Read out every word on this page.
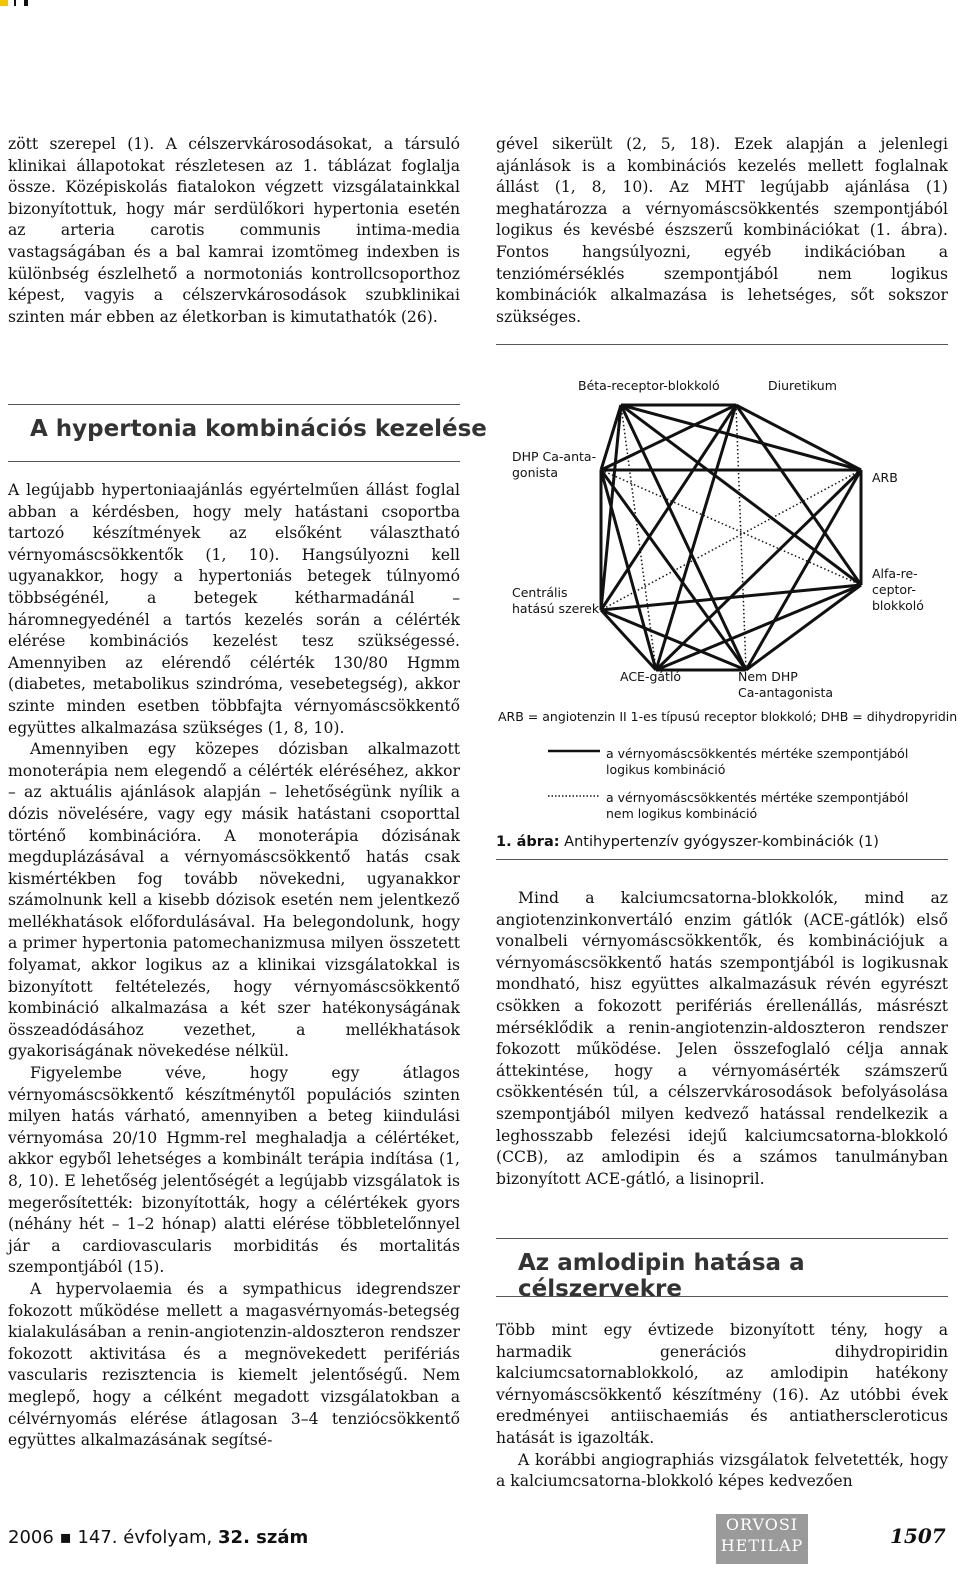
zött szerepel (1). A célszervkárosodásokat, a társuló klinikai állapotokat részletesen az 1. táblázat foglalja össze. Középiskolás fiatalokon végzett vizsgálatainkkal bizonyítottuk, hogy már serdülőkori hypertonia esetén az arteria carotis communis intima-media vastagságában és a bal kamrai izomtömeg indexben is különbség észlelhető a normotoniás kontrollcsoporthoz képest, vagyis a célszervkárosodások szubklinikai szinten már ebben az életkorban is kimutathatók (26).

A hypertonia kombinációs kezelése

A legújabb hypertoniaajánlás egyértelműen állást foglal abban a kérdésben, hogy mely hatástani csoportba tartozó készítmények az elsőként választható vérnyomáscsökkentők (1, 10). Hangsúlyozni kell ugyanakkor, hogy a hypertoniás betegek túlnyomó többségénél, a betegek kétharmadánál – háromnegyedénél a tartós kezelés során a célérték elérése kombinációs kezelést tesz szükségessé. Amennyiben az elérendő célérték 130/80 Hgmm (diabetes, metabolikus szindróma, vesebetegség), akkor szinte minden esetben többfajta vérnyomáscsökkentő együttes alkalmazása szükséges (1, 8, 10).

Amennyiben egy közepes dózisban alkalmazott monoterápia nem elegendő a célérték eléréséhez, akkor – az aktuális ajánlások alapján – lehetőségünk nyílik a dózis növelésére, vagy egy másik hatástani csoporttal történő kombinációra. A monoterápia dózisának megduplázásával a vérnyomáscsökkentő hatás csak kismértékben fog tovább növekedni, ugyanakkor számolnunk kell a kisebb dózisok esetén nem jelentkező mellékhatások előfordulásával. Ha belegondolunk, hogy a primer hypertonia patomechanizmusa milyen összetett folyamat, akkor logikus az a klinikai vizsgálatokkal is bizonyított feltételezés, hogy vérnyomáscsökkentő kombináció alkalmazása a két szer hatékonyságának összeadódásához vezethet, a mellékhatások gyakoriságának növekedése nélkül.

Figyelembe véve, hogy egy átlagos vérnyomáscsökkentő készítménytől populációs szinten milyen hatás várható, amennyiben a beteg kiindulási vérnyomása 20/10 Hgmm-rel meghaladja a célértéket, akkor egyből lehetséges a kombinált terápia indítása (1, 8, 10). E lehetőség jelentőségét a legújabb vizsgálatok is megerősítették: bizonyították, hogy a célértékek gyors (néhány hét – 1–2 hónap) alatti elérése többletelőnnyel jár a cardiovascularis morbiditás és mortalitás szempontjából (15).

A hypervolaemia és a sympathicus idegrendszer fokozott működése mellett a magasvérnyomás-betegség kialakulásában a renin-angiotenzin-aldoszteron rendszer fokozott aktivitása és a megnövekedett perifériás vascularis rezisztencia is kiemelt jelentőségű. Nem meglepő, hogy a célként megadott vizsgálatokban a célvérnyomás elérése átlagosan 3–4 tenziócsökkentő együttes alkalmazásának segítsé-

gével sikerült (2, 5, 18). Ezek alapján a jelenlegi ajánlások is a kombinációs kezelés mellett foglalnak állást (1, 8, 10). Az MHT legújabb ajánlása (1) meghatározza a vérnyomáscsökkentés szempontjából logikus és kevésbé észszerű kombinációkat (1. ábra). Fontos hangsúlyozni, egyéb indikációban a tenziómérséklés szempontjából nem logikus kombinációk alkalmazása is lehetséges, sőt sokszor szükséges.

Béta-receptor-blokkoló	Diuretikum
DHP Ca-anta-
gonista	ARB
Centrális
hatású szerek
Alfa-re-
ceptor-
blokkoló
ACE-gátló	Nem DHP
Ca-antagonista
ARB = angiotenzin II 1-es típusú receptor blokkoló; DHB = dihydropyridin
a vérnyomáscsökkentés mértéke szempontjából
logikus kombináció
a vérnyomáscsökkentés mértéke szempontjából
nem logikus kombináció
1. ábra: Antihypertenzív gyógyszer-kombinációk (1)

Mind a kalciumcsatorna-blokkolók, mind az angiotenzinkonvertáló enzim gátlók (ACE-gátlók) első vonalbeli vérnyomáscsökkentők, és kombinációjuk a vérnyomáscsökkentő hatás szempontjából is logikusnak mondható, hisz együttes alkalmazásuk révén egyrészt csökken a fokozott perifériás érellenállás, másrészt mérséklődik a renin-angiotenzin-aldoszteron rendszer fokozott működése. Jelen összefoglaló célja annak áttekintése, hogy a vérnyomásérték számszerű csökkentésén túl, a célszervkárosodások befolyásolása szempontjából milyen kedvező hatással rendelkezik a leghosszabb felezési idejű kalciumcsatorna-blokkoló (CCB), az amlodipin és a számos tanulmányban bizonyított ACE-gátló, a lisinopril.

Az amlodipin hatása a célszervekre

Több mint egy évtizede bizonyított tény, hogy a harmadik generációs dihydropiridin kalciumcsatornablokkoló, az amlodipin hatékony vérnyomáscsökkentő készítmény (16). Az utóbbi évek eredményei antiischaemiás és antiatherscleroticus hatását is igazolták.

A korábbi angiographiás vizsgálatok felvetették, hogy a kalciumcsatorna-blokkoló képes kedvezően

2006 ▪ 147. évfolyam, 32. szám
ORVOSI
HETILAP	1507
